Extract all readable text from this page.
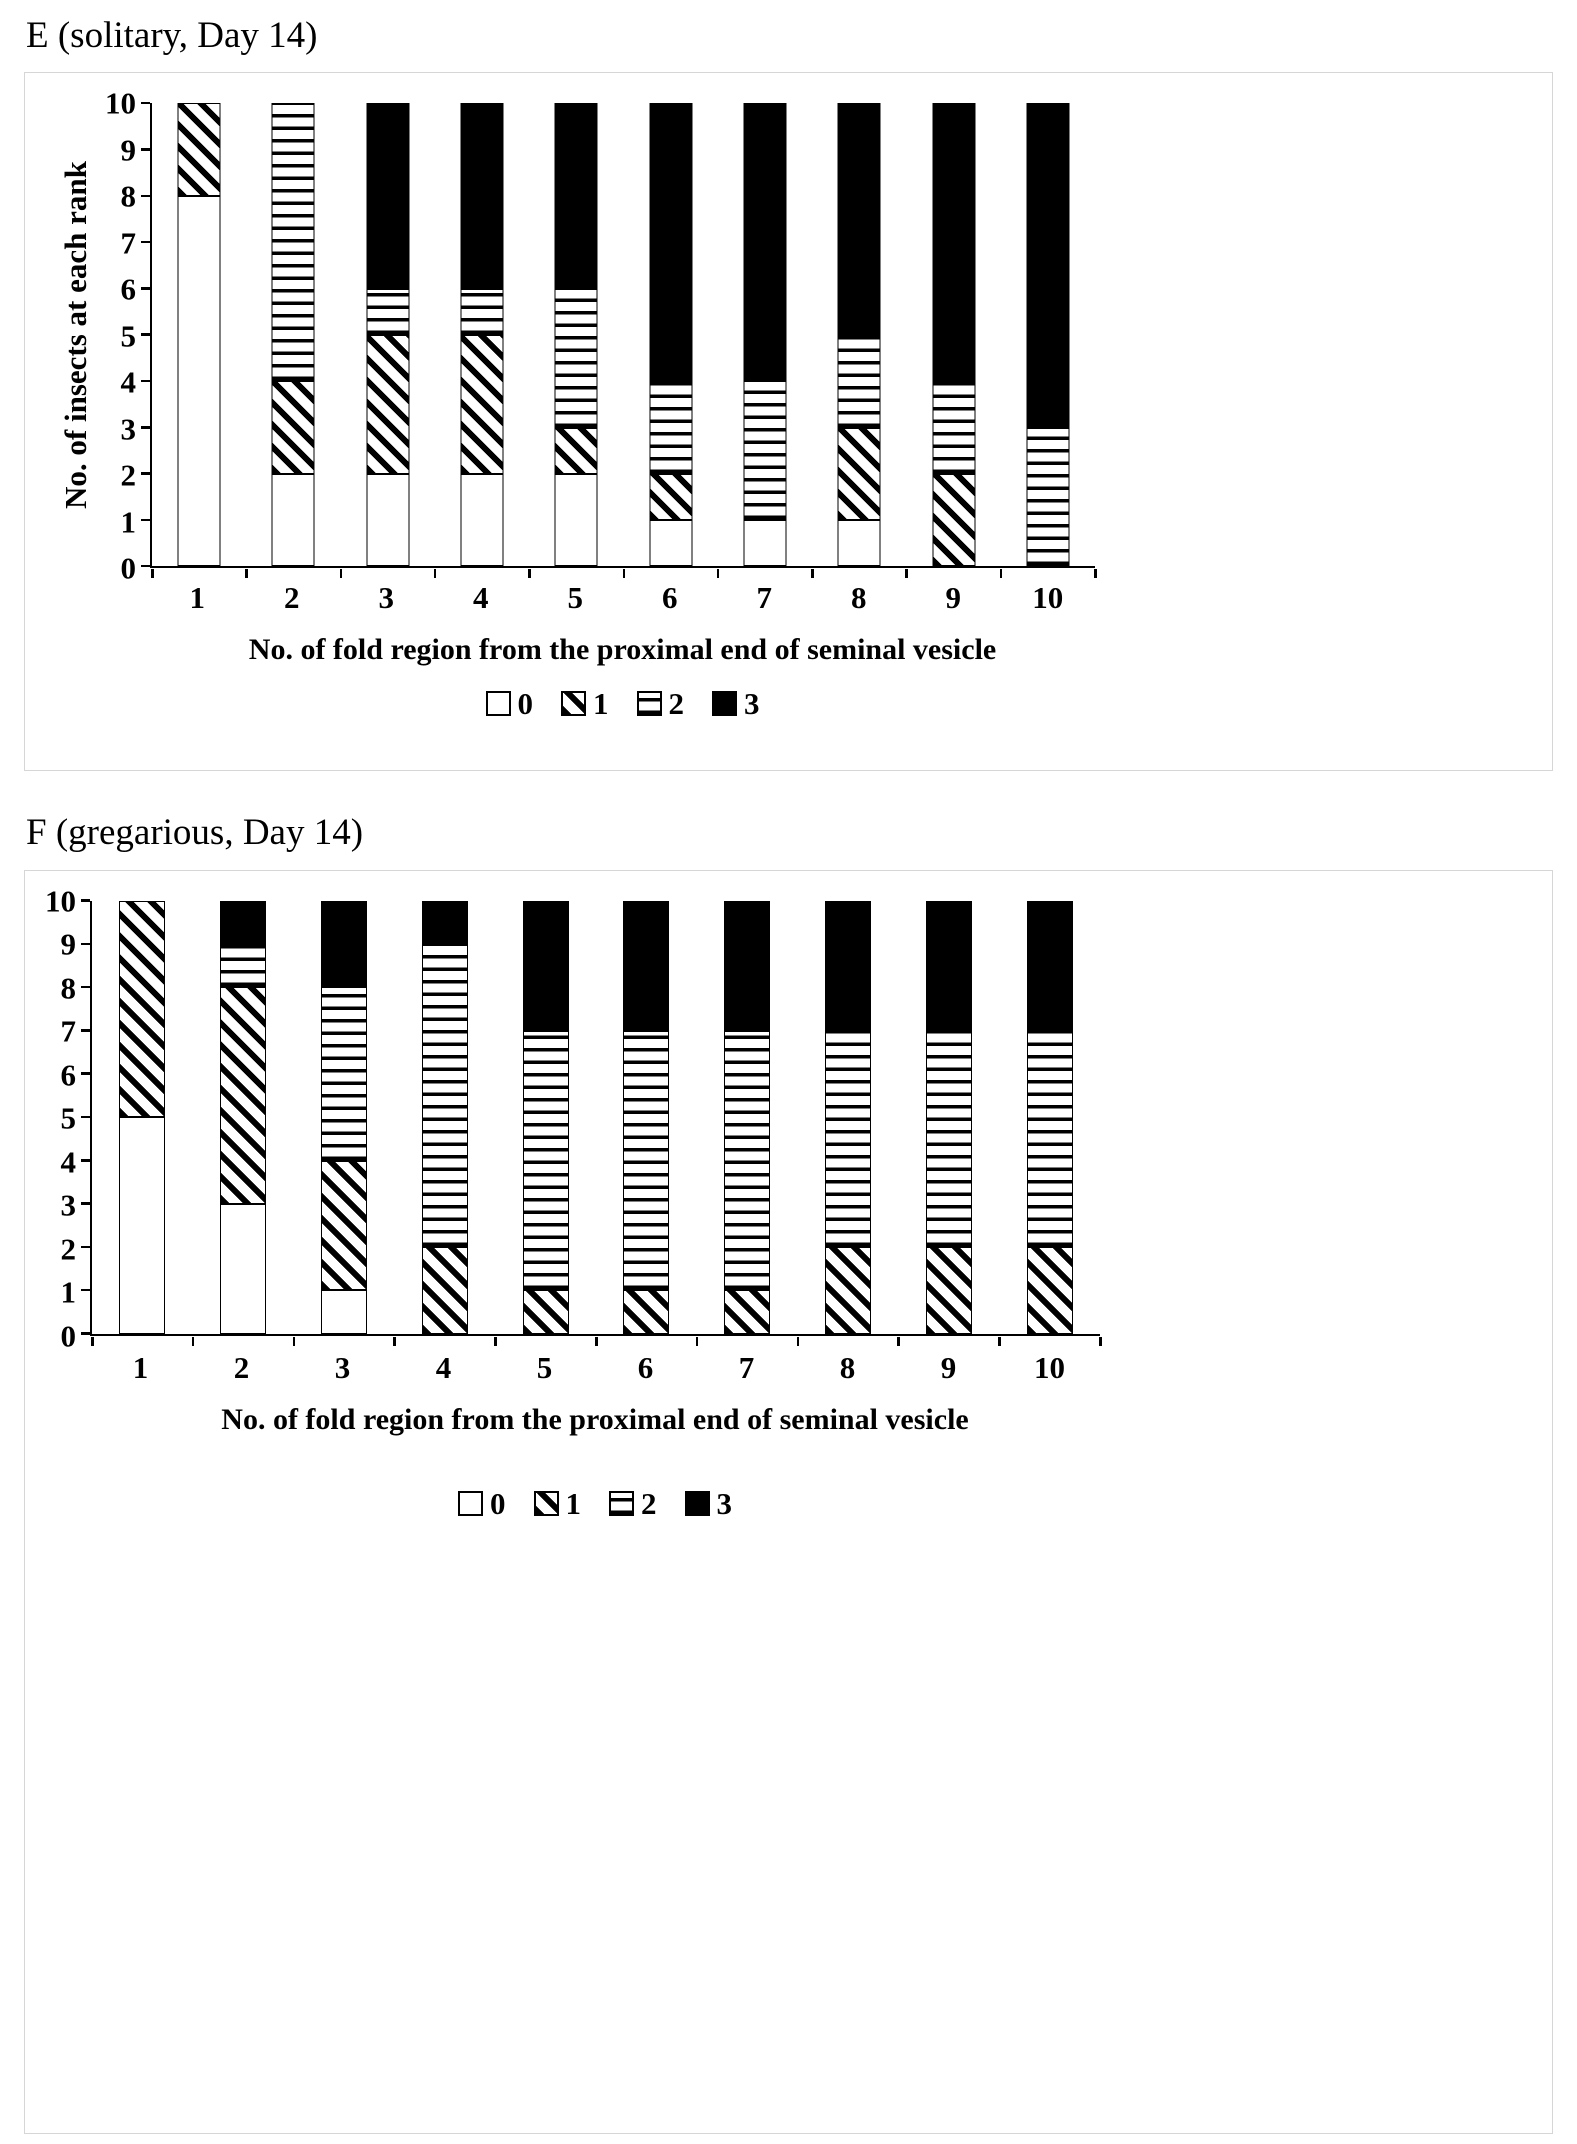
E (solitary, Day 14)
No. of insects at each rank
0
1
2
3
4
5
6
7
8
9
10
1	2	3	4	5	6	7	8	9 10
No. of fold region from the proximal end of seminal vesicle
0 1 2 3
F (gregarious, Day 14)
0
1
2
3
4
5
6
7
8
9
10
1	2	3	4	5	6	7	8	9	10
No. of fold region from the proximal end of seminal vesicle
0 1 2 3
